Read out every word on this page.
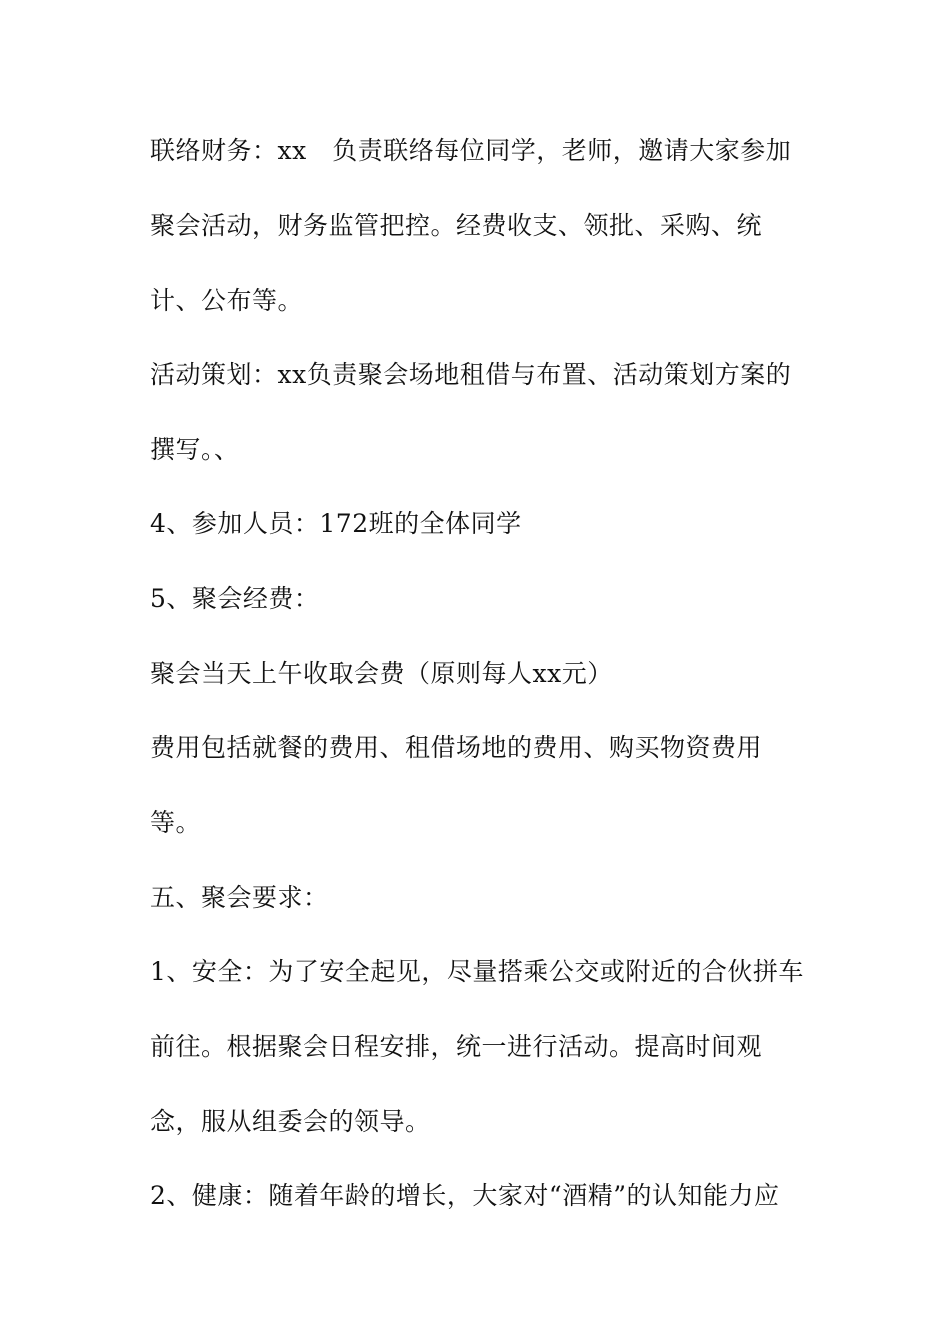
联络财务：xx　负责联络每位同学，老师，邀请大家参加
聚会活动，财务监管把控。经费收支、领批、采购、统
计、公布等。
活动策划：xx负责聚会场地租借与布置、活动策划方案的
撰写。、
4、参加人员：172班的全体同学
5、聚会经费：
聚会当天上午收取会费（原则每人xx元）
费用包括就餐的费用、租借场地的费用、购买物资费用
等。
五、聚会要求：
1、安全：为了安全起见，尽量搭乘公交或附近的合伙拼车
前往。根据聚会日程安排，统一进行活动。提高时间观
念，服从组委会的领导。
2、健康：随着年龄的增长，大家对“酒精”的认知能力应
